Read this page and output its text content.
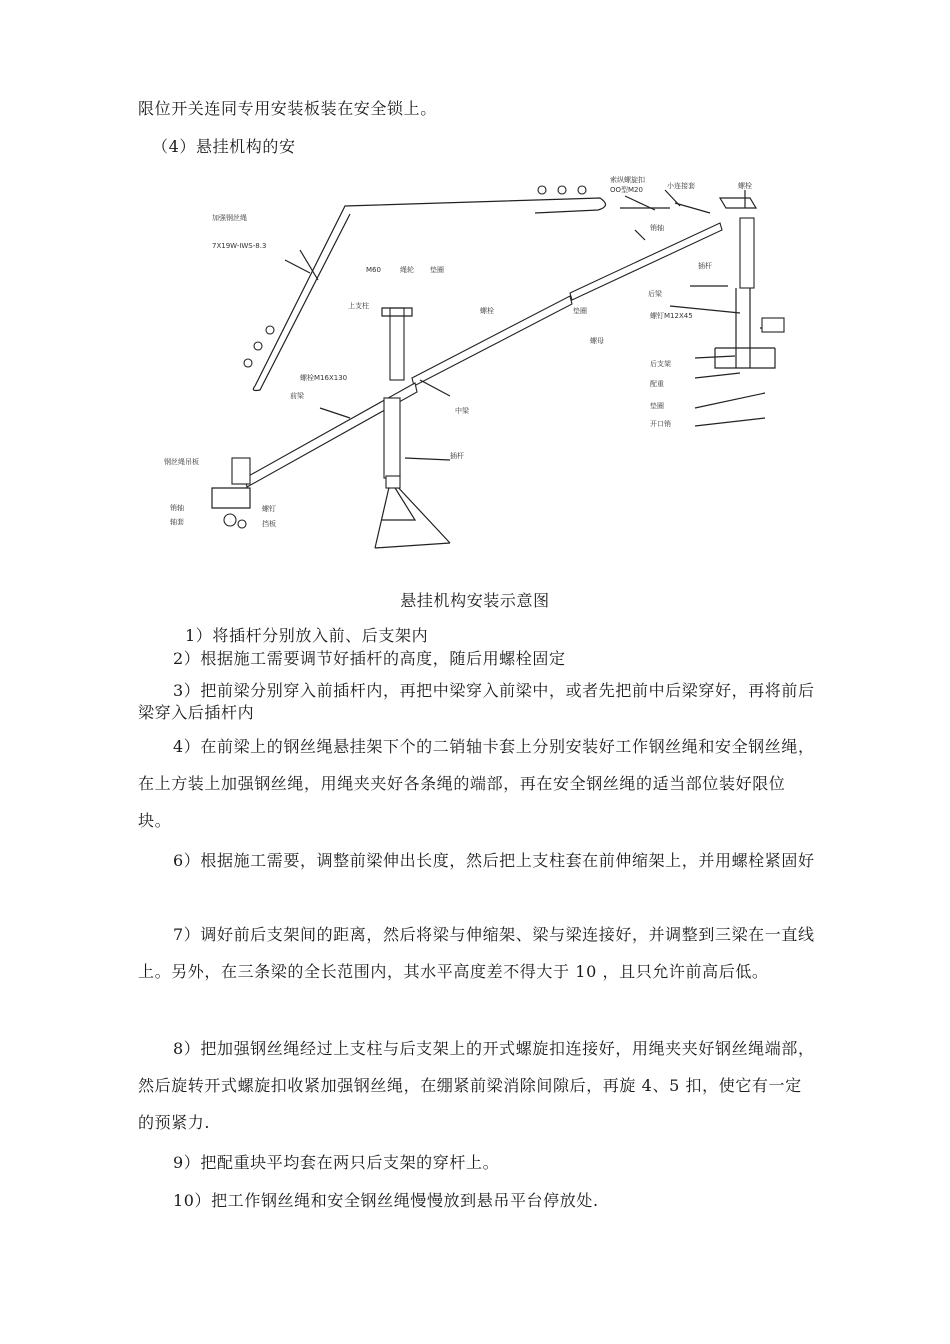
限位开关连同专用安装板装在安全锁上。
（4）悬挂机构的安
加强钢丝绳
7X19W-IWS-8.3
索纵螺旋扣
OO型M20	小连接套	螺栓
销轴
插杆
后梁
螺钉M12X45
后支架
配重
垫圈
开口销
M60	绳轮 垫圈
上支柱
螺栓	垫圈
螺母
螺栓M16X130
前梁
中梁
插杆
钢丝绳吊板
销轴
轴套
螺钉
挡板
悬挂机构安装示意图
1）将插杆分别放入前、后支架内
2）根据施工需要调节好插杆的高度，随后用螺栓固定
3）把前梁分别穿入前插杆内，再把中梁穿入前梁中，或者先把前中后梁穿好，再将前后梁穿入后插杆内
4）在前梁上的钢丝绳悬挂架下个的二销轴卡套上分别安装好工作钢丝绳和安全钢丝绳，在上方装上加强钢丝绳，用绳夹夹好各条绳的端部，再在安全钢丝绳的适当部位装好限位块。
6）根据施工需要，调整前梁伸出长度，然后把上支柱套在前伸缩架上，并用螺栓紧固好
7）调好前后支架间的距离，然后将梁与伸缩架、梁与梁连接好，并调整到三梁在一直线上。另外，在三条梁的全长范围内，其水平高度差不得大于 10 ，且只允许前高后低。
8）把加强钢丝绳经过上支柱与后支架上的开式螺旋扣连接好，用绳夹夹好钢丝绳端部，然后旋转开式螺旋扣收紧加强钢丝绳，在绷紧前梁消除间隙后，再旋 4、5 扣，使它有一定的预紧力.
9）把配重块平均套在两只后支架的穿杆上。
10）把工作钢丝绳和安全钢丝绳慢慢放到悬吊平台停放处.
